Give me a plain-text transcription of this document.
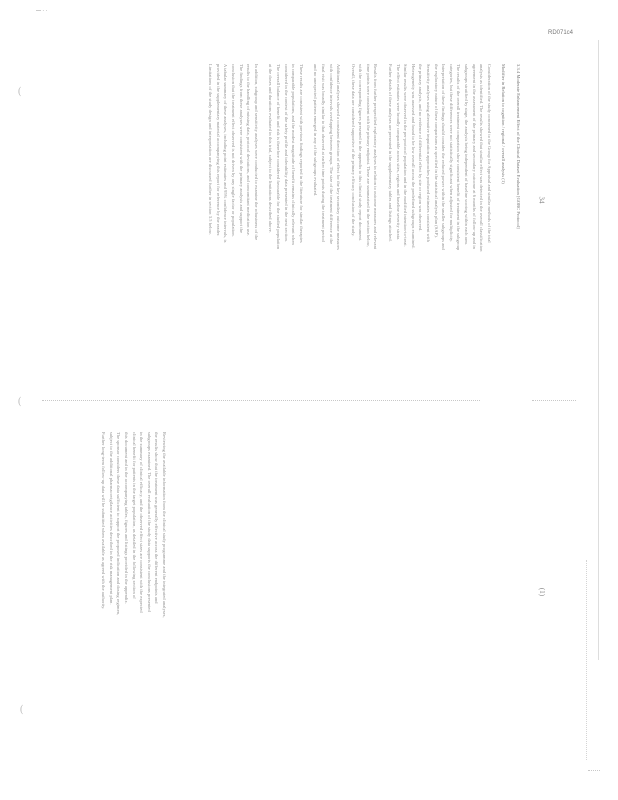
— · ·
RD071c4
(
(
(
34
(1)
3.3.4 Moderate Enhancement Effect of the Clinical Dataset Evaluation [GOBC Protocol]
Modifier in Relation to cognition / regional / overall analysis (1)
Consideration of the study concerned to the Group for Appraisal and similar methods of the trial
analysis as identified. The results showed that similar effect was detected in the overall classification
agreement in the assessment of the primary and secondary outcome at 6 months of follow-up and in
subgroups stratified by stage, the analysis being independent of baseline scoring within each arm.
The results of the overall treatment comparison show consistent benefit of treatment in the subgroup
categories, but these differences were not statistically significant when adjusted for multiplicity.
Interpretation of these findings should consider the reduced power within the smaller subgroups and
the exploratory nature of these comparisons as specified in the statistical analysis plan (SAP).
Sensitivity analyses using alternative imputation approaches produced estimates consistent with
the primary analysis, and no evidence of differential effect by site or region was observed.
Heterogeneity was assessed and found to be low overall across the predefined subgroups examined.
Similar results were observed in the per-protocol population and in the modified intention-to-treat.
The effect estimates were broadly comparable across sites, regions and baseline severity strata.
Further details of these analyses are presented in the supplementary tables and listings attached.
Results from further prespecified exploratory analyses in relation to outcome measures and relevant
time points were consistent with the primary endpoint. These are summarised in the section below,
with the corresponding figures presented in the appendix to this clinical study report document.
Overall, these data are considered supportive of the primary efficacy conclusion of the study.
Additional analyses showed a consistent direction of effect for the key secondary outcome measures
with confidence intervals overlapping between groups. The size of the treatment difference at the
final visit was broadly similar to that observed at earlier time points during the treatment period
and no unexpected patterns emerged in any of the subgroups evaluated.
These results are consistent with previous findings reported in the literature for similar therapies
in comparable populations, and the modest magnitude of benefit remains clinically relevant when
considered in the context of the safety profile and tolerability data presented in the next section.
The overall balance of benefit and risk is therefore considered favourable for the studied population
at the doses and durations evaluated in this trial, subject to the limitations described above.
In addition, subgroup and sensitivity analyses were conducted to examine the robustness of the
results to the handling of missing data, protocol deviations, and concomitant medication use.
The findings from these analyses were consistent with the primary analysis and support the
conclusion that the treatment effect observed is not driven by any single factor or population.
A tabular summary of these analyses, including point estimates and 95% confidence intervals, is
provided in the supplementary material accompanying this report for reference by the reader.
Limitations of the study design and interpretation are discussed further in section 3.5 below.
Reviewing the available information from the clinical study programme and the integrated analyses,
the results show that the treatment was generally effective across the different endpoints and
subgroups examined. The overall evaluation of the study data supports the conclusions presented
in the summary of clinical efficacy, and the observed effect sizes are consistent with the expected
clinical benefit for patients in the target population, as detailed in the following section of
this document and in the accompanying tables, figures and listings provided in the appendix.
The sponsor considers these data sufficient to support the proposed indication and dosing regimen,
subject to the additional pharmacovigilance activities described in the risk management plan.
Further long-term follow-up data will be submitted when available as agreed with the authority.
